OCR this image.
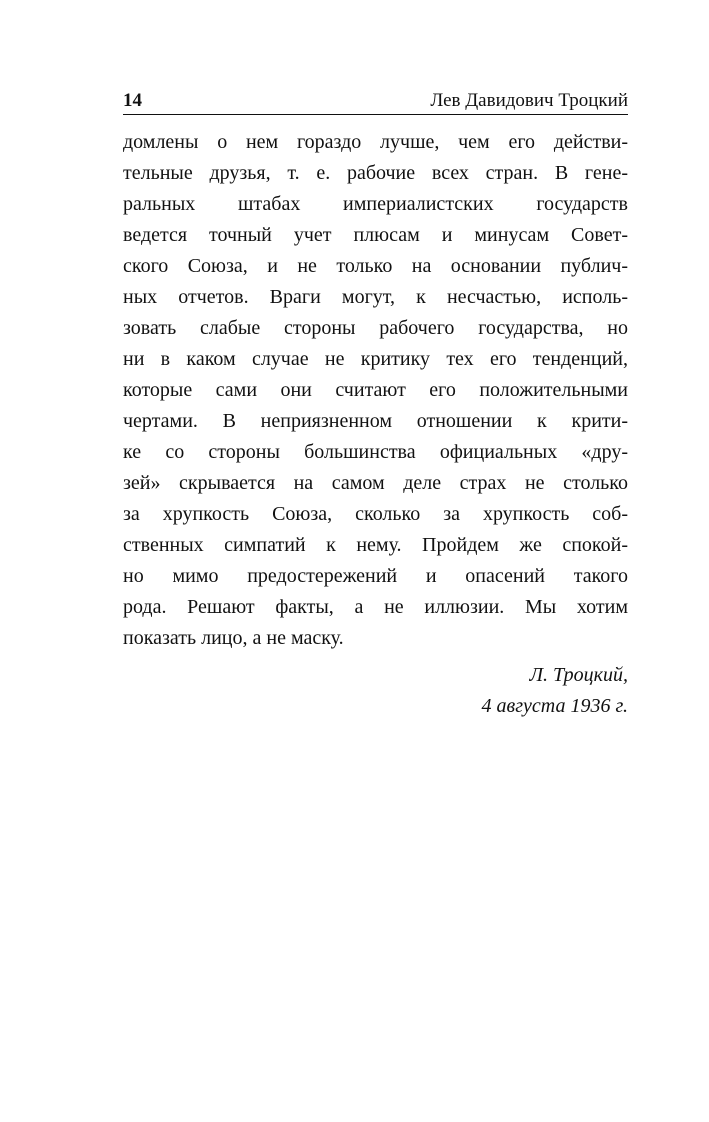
14	Лев Давидович Троцкий
домлены о нем гораздо лучше, чем его действи-
тельные друзья, т. е. рабочие всех стран. В гене-
ральных штабах империалистских государств
ведется точный учет плюсам и минусам Совет-
ского Союза, и не только на основании публич-
ных отчетов. Враги могут, к несчастью, исполь-
зовать слабые стороны рабочего государства, но
ни в каком случае не критику тех его тенденций,
которые сами они считают его положительными
чертами. В неприязненном отношении к крити-
ке со стороны большинства официальных «дру-
зей» скрывается на самом деле страх не столько
за хрупкость Союза, сколько за хрупкость соб-
ственных симпатий к нему. Пройдем же спокой-
но мимо предостережений и опасений такого
рода. Решают факты, а не иллюзии. Мы хотим
показать лицо, а не маску.
Л. Троцкий,
4 августа 1936 г.
